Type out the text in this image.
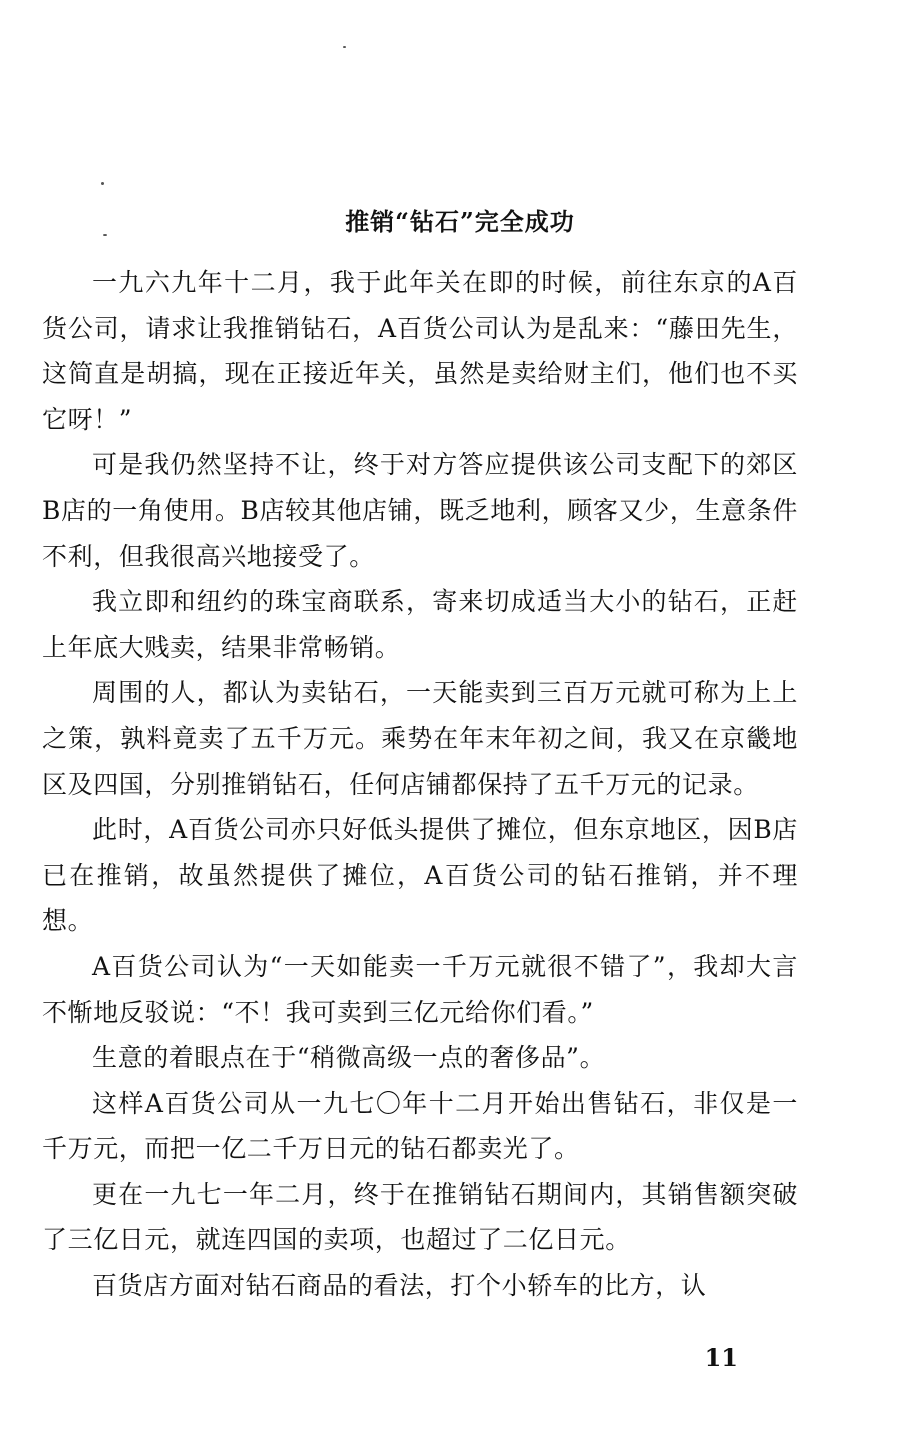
推销“钻石”完全成功

一九六九年十二月，我于此年关在即的时候，前往东京的A百货公司，请求让我推销钻石，A百货公司认为是乱来：“藤田先生，这简直是胡搞，现在正接近年关，虽然是卖给财主们，他们也不买它呀！”

可是我仍然坚持不让，终于对方答应提供该公司支配下的郊区B店的一角使用。B店较其他店铺，既乏地利，顾客又少，生意条件不利，但我很高兴地接受了。

我立即和纽约的珠宝商联系，寄来切成适当大小的钻石，正赶上年底大贱卖，结果非常畅销。

周围的人，都认为卖钻石，一天能卖到三百万元就可称为上上之策，孰料竟卖了五千万元。乘势在年末年初之间，我又在京畿地区及四国，分别推销钻石，任何店铺都保持了五千万元的记录。

此时，A百货公司亦只好低头提供了摊位，但东京地区，因B店已在推销，故虽然提供了摊位，A百货公司的钻石推销，并不理想。

A百货公司认为“一天如能卖一千万元就很不错了”，我却大言不惭地反驳说：“不！我可卖到三亿元给你们看。”

生意的着眼点在于“稍微高级一点的奢侈品”。

这样A百货公司从一九七〇年十二月开始出售钻石，非仅是一千万元，而把一亿二千万日元的钻石都卖光了。

更在一九七一年二月，终于在推销钻石期间内，其销售额突破了三亿日元，就连四国的卖项，也超过了二亿日元。

百货店方面对钻石商品的看法，打个小轿车的比方，认

11
